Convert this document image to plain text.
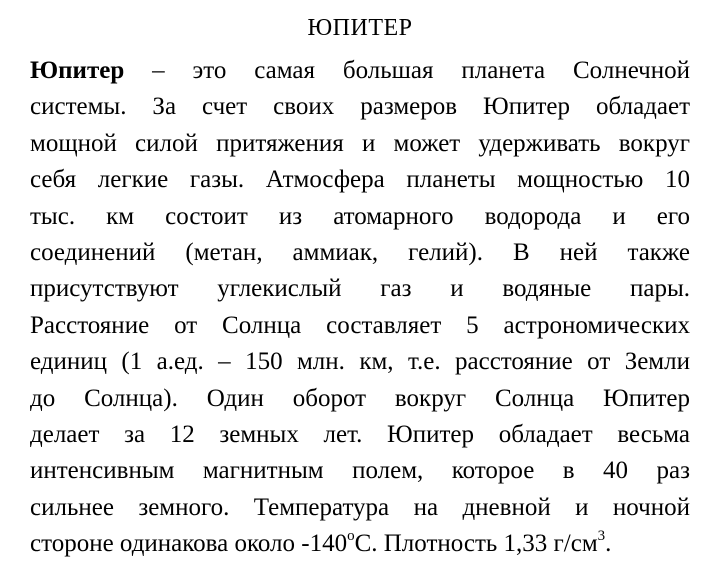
ЮПИТЕР
Юпитер – это самая большая планета Солнечной
системы. За счет своих размеров Юпитер обладает
мощной силой притяжения и может удерживать вокруг
себя легкие газы. Атмосфера планеты мощностью 10
тыс. км состоит из атомарного водорода и его
соединений (метан, аммиак, гелий). В ней также
присутствуют углекислый газ и водяные пары.
Расстояние от Солнца составляет 5 астрономических
единиц (1 а.ед. – 150 млн. км, т.е. расстояние от Земли
до Солнца). Один оборот вокруг Солнца Юпитер
делает за 12 земных лет. Юпитер обладает весьма
интенсивным магнитным полем, которое в 40 раз
сильнее земного. Температура на дневной и ночной
стороне одинакова около $-140^оС$. Плотность 1,33 $г/см^3$.
